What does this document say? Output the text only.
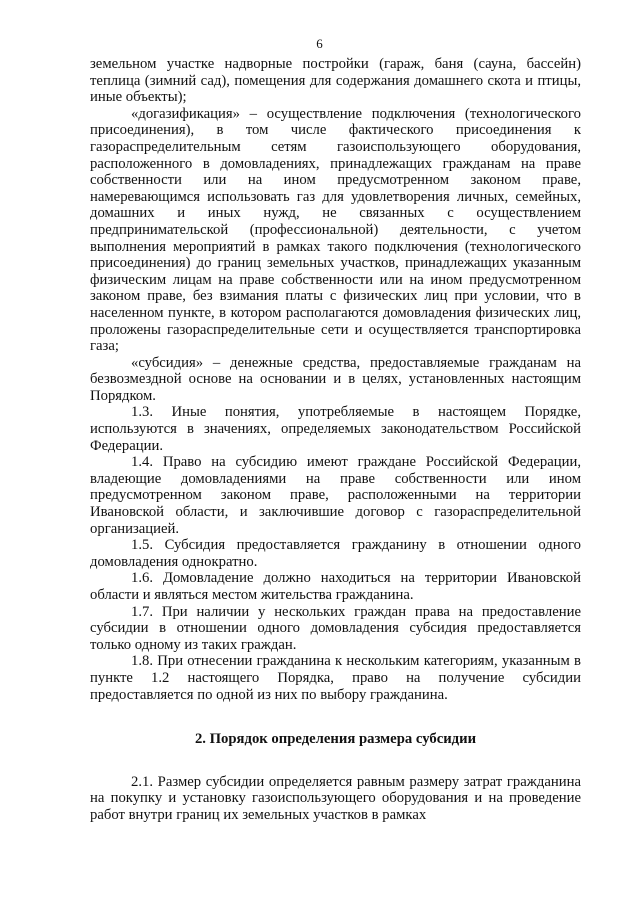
6

земельном участке надворные постройки (гараж, баня (сауна, бассейн) теплица (зимний сад), помещения для содержания домашнего скота и птицы, иные объекты);

«догазификация» – осуществление подключения (технологического присоединения), в том числе фактического присоединения к газораспределительным сетям газоиспользующего оборудования, расположенного в домовладениях, принадлежащих гражданам на праве собственности или на ином предусмотренном законом праве, намеревающимся использовать газ для удовлетворения личных, семейных, домашних и иных нужд, не связанных с осуществлением предпринимательской (профессиональной) деятельности, с учетом выполнения мероприятий в рамках такого подключения (технологического присоединения) до границ земельных участков, принадлежащих указанным физическим лицам на праве собственности или на ином предусмотренном законом праве, без взимания платы с физических лиц при условии, что в населенном пункте, в котором располагаются домовладения физических лиц, проложены газораспределительные сети и осуществляется транспортировка газа;

«субсидия» – денежные средства, предоставляемые гражданам на безвозмездной основе на основании и в целях, установленных настоящим Порядком.

1.3. Иные понятия, употребляемые в настоящем Порядке, используются в значениях, определяемых законодательством Российской Федерации.

1.4. Право на субсидию имеют граждане Российской Федерации, владеющие домовладениями на праве собственности или ином предусмотренном законом праве, расположенными на территории Ивановской области, и заключившие договор с газораспределительной организацией.

1.5. Субсидия предоставляется гражданину в отношении одного домовладения однократно.

1.6. Домовладение должно находиться на территории Ивановской области и являться местом жительства гражданина.

1.7. При наличии у нескольких граждан права на предоставление субсидии в отношении одного домовладения субсидия предоставляется только одному из таких граждан.

1.8. При отнесении гражданина к нескольким категориям, указанным в пункте 1.2 настоящего Порядка, право на получение субсидии предоставляется по одной из них по выбору гражданина.

2. Порядок определения размера субсидии

2.1. Размер субсидии определяется равным размеру затрат гражданина на покупку и установку газоиспользующего оборудования и на проведение работ внутри границ их земельных участков в рамках
